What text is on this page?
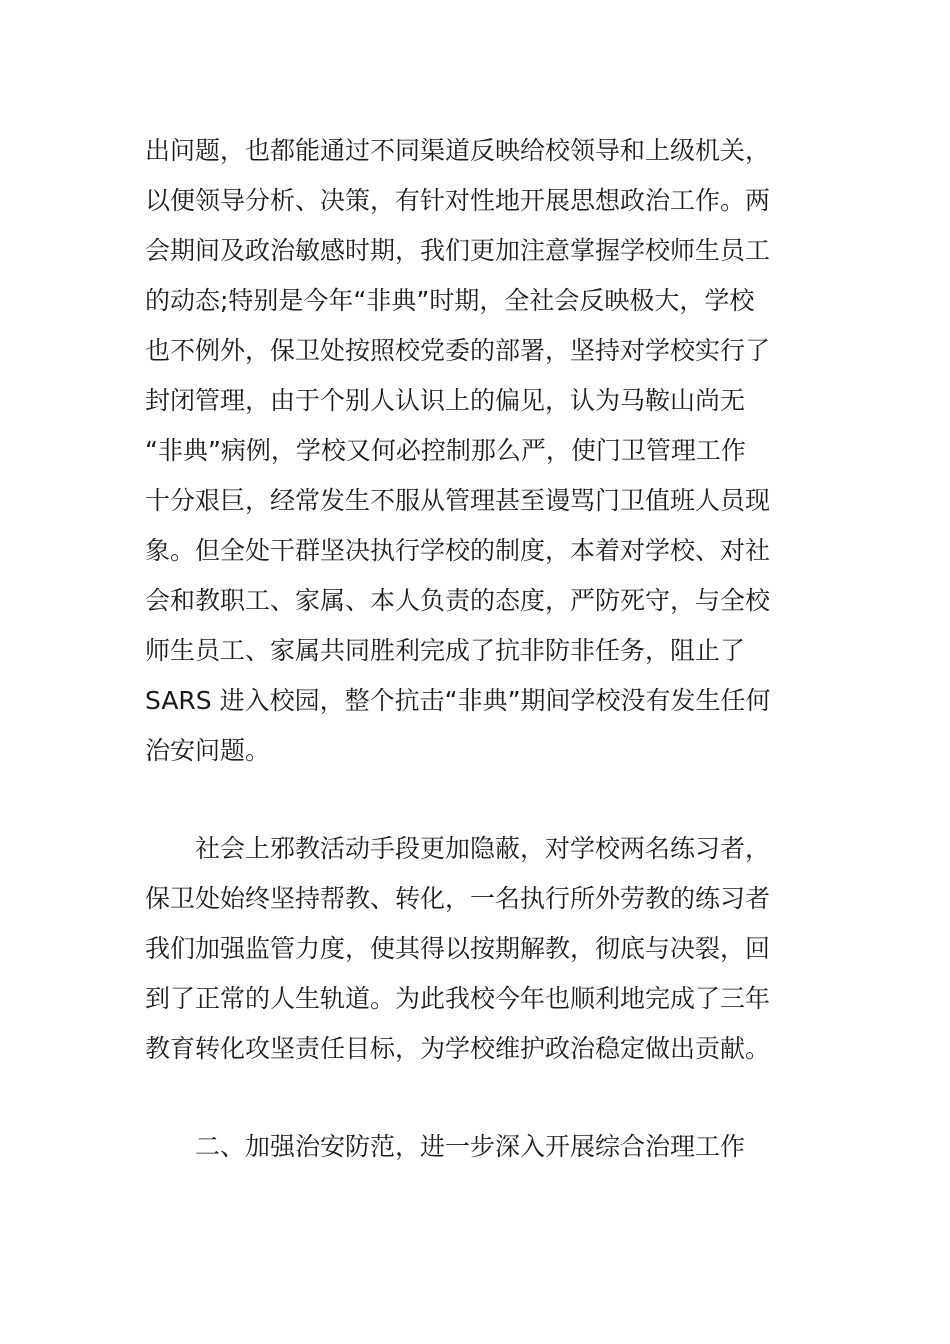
出问题，也都能通过不同渠道反映给校领导和上级机关，
以便领导分析、决策，有针对性地开展思想政治工作。两
会期间及政治敏感时期，我们更加注意掌握学校师生员工
的动态;特别是今年“非典”时期，全社会反映极大，学校
也不例外，保卫处按照校党委的部署，坚持对学校实行了
封闭管理，由于个别人认识上的偏见，认为马鞍山尚无
“非典”病例，学校又何必控制那么严，使门卫管理工作
十分艰巨，经常发生不服从管理甚至谩骂门卫值班人员现
象。但全处干群坚决执行学校的制度，本着对学校、对社
会和教职工、家属、本人负责的态度，严防死守，与全校
师生员工、家属共同胜利完成了抗非防非任务，阻止了
SARS 进入校园，整个抗击“非典”期间学校没有发生任何
治安问题。
社会上邪教活动手段更加隐蔽，对学校两名练习者，
保卫处始终坚持帮教、转化，一名执行所外劳教的练习者
我们加强监管力度，使其得以按期解教，彻底与决裂，回
到了正常的人生轨道。为此我校今年也顺利地完成了三年
教育转化攻坚责任目标，为学校维护政治稳定做出贡献。
二、加强治安防范，进一步深入开展综合治理工作
